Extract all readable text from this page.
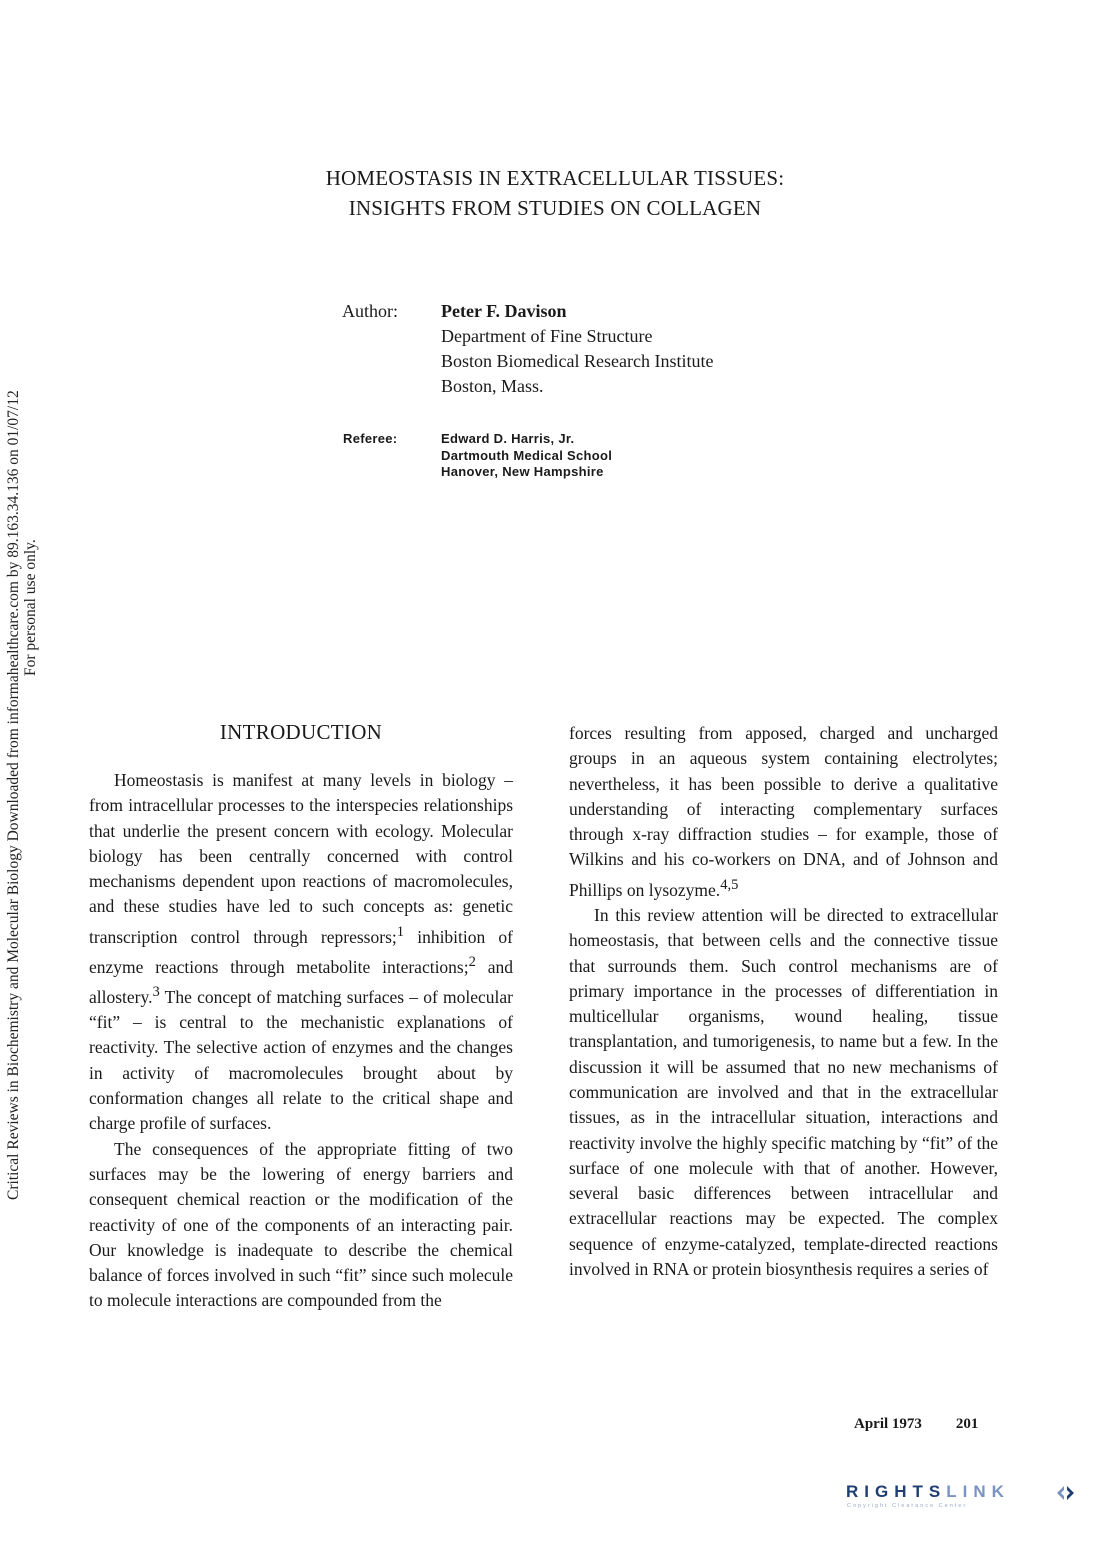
Critical Reviews in Biochemistry and Molecular Biology Downloaded from informahealthcare.com by 89.163.34.136 on 01/07/12 For personal use only.
HOMEOSTASIS IN EXTRACELLULAR TISSUES:
INSIGHTS FROM STUDIES ON COLLAGEN
Author: Peter F. Davison
Department of Fine Structure
Boston Biomedical Research Institute
Boston, Mass.
Referee:	Edward D. Harris, Jr.
Dartmouth Medical School
Hanover, New Hampshire
INTRODUCTION

Homeostasis is manifest at many levels in biology – from intracellular processes to the interspecies relationships that underlie the present concern with ecology. Molecular biology has been centrally concerned with control mechanisms dependent upon reactions of macromolecules, and these studies have led to such concepts as: genetic transcription control through repressors;$^1$ inhibition of enzyme reactions through metabolite interactions;$^2$ and allostery.$^3$ The concept of matching surfaces – of molecular “fit” – is central to the mechanistic explanations of reactivity. The selective action of enzymes and the changes in activity of macromolecules brought about by conformation changes all relate to the critical shape and charge profile of surfaces.

The consequences of the appropriate fitting of two surfaces may be the lowering of energy barriers and consequent chemical reaction or the modification of the reactivity of one of the components of an interacting pair. Our knowledge is inadequate to describe the chemical balance of forces involved in such “fit” since such molecule to molecule interactions are compounded from the

forces resulting from apposed, charged and uncharged groups in an aqueous system containing electrolytes; nevertheless, it has been possible to derive a qualitative understanding of interacting complementary surfaces through x-ray diffraction studies – for example, those of Wilkins and his co-workers on DNA, and of Johnson and Phillips on lysozyme.$^{4,5}$

In this review attention will be directed to extracellular homeostasis, that between cells and the connective tissue that surrounds them. Such control mechanisms are of primary importance in the processes of differentiation in multicellular organisms, wound healing, tissue transplantation, and tumorigenesis, to name but a few. In the discussion it will be assumed that no new mechanisms of communication are involved and that in the extracellular tissues, as in the intracellular situation, interactions and reactivity involve the highly specific matching by “fit” of the surface of one molecule with that of another. However, several basic differences between intracellular and extracellular reactions may be expected. The complex sequence of enzyme-catalyzed, template-directed reactions involved in RNA or protein biosynthesis requires a series of

April 1973 201
RIGHTSLINK
Copyright Clearance Center
